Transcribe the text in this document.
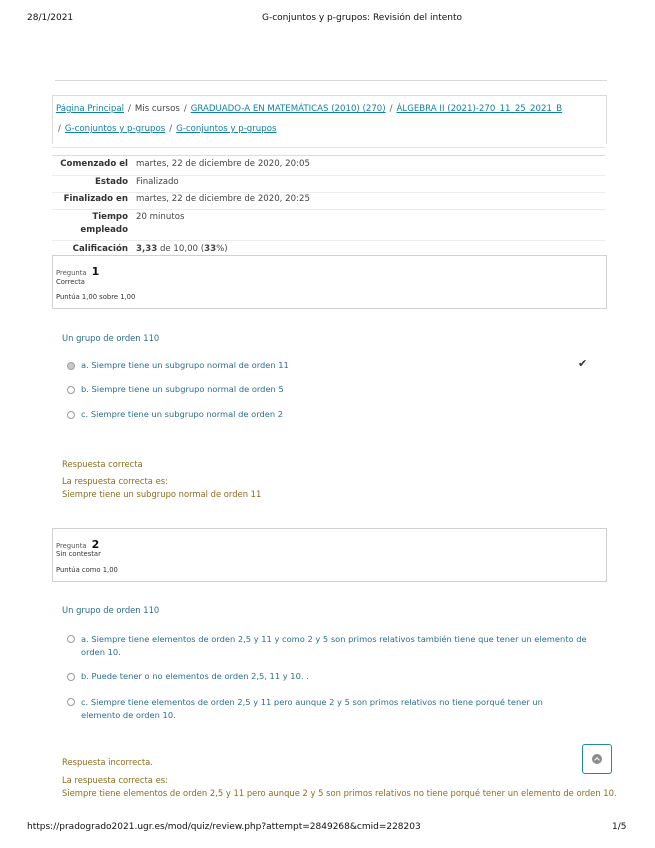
28/1/2021	G-conjuntos y p-grupos: Revisión del intento
Página Principal / Mis cursos / GRADUADO-A EN MATEMÁTICAS (2010) (270) / ÁLGEBRA II (2021)-270_11_25_2021_B
/ G-conjuntos y p-grupos / G-conjuntos y p-grupos
Comenzado el martes, 22 de diciembre de 2020, 20:05
Estado Finalizado
Finalizado en martes, 22 de diciembre de 2020, 20:25
Tiempo
empleado
20 minutos
Calificación 3,33 de 10,00 (33%)
Pregunta 1
Correcta
Puntúa 1,00 sobre 1,00
Un grupo de orden 110
a. Siempre tiene un subgrupo normal de orden 11	✔
b. Siempre tiene un subgrupo normal de orden 5
c. Siempre tiene un subgrupo normal de orden 2
Respuesta correcta
La respuesta correcta es:
Siempre tiene un subgrupo normal de orden 11
Pregunta 2
Sin contestar
Puntúa como 1,00
Un grupo de orden 110
a. Siempre tiene elementos de orden 2,5 y 11 y como 2 y 5 son primos relativos también tiene que tener un elemento de orden 10.
b. Puede tener o no elementos de orden 2,5, 11 y 10. .
c. Siempre tiene elementos de orden 2,5 y 11 pero aunque 2 y 5 son primos relativos no tiene porqué tener un elemento de orden 10.
Respuesta incorrecta.
La respuesta correcta es:
Siempre tiene elementos de orden 2,5 y 11 pero aunque 2 y 5 son primos relativos no tiene porqué tener un elemento de orden 10.
https://pradogrado2021.ugr.es/mod/quiz/review.php?attempt=2849268&cmid=228203	1/5
